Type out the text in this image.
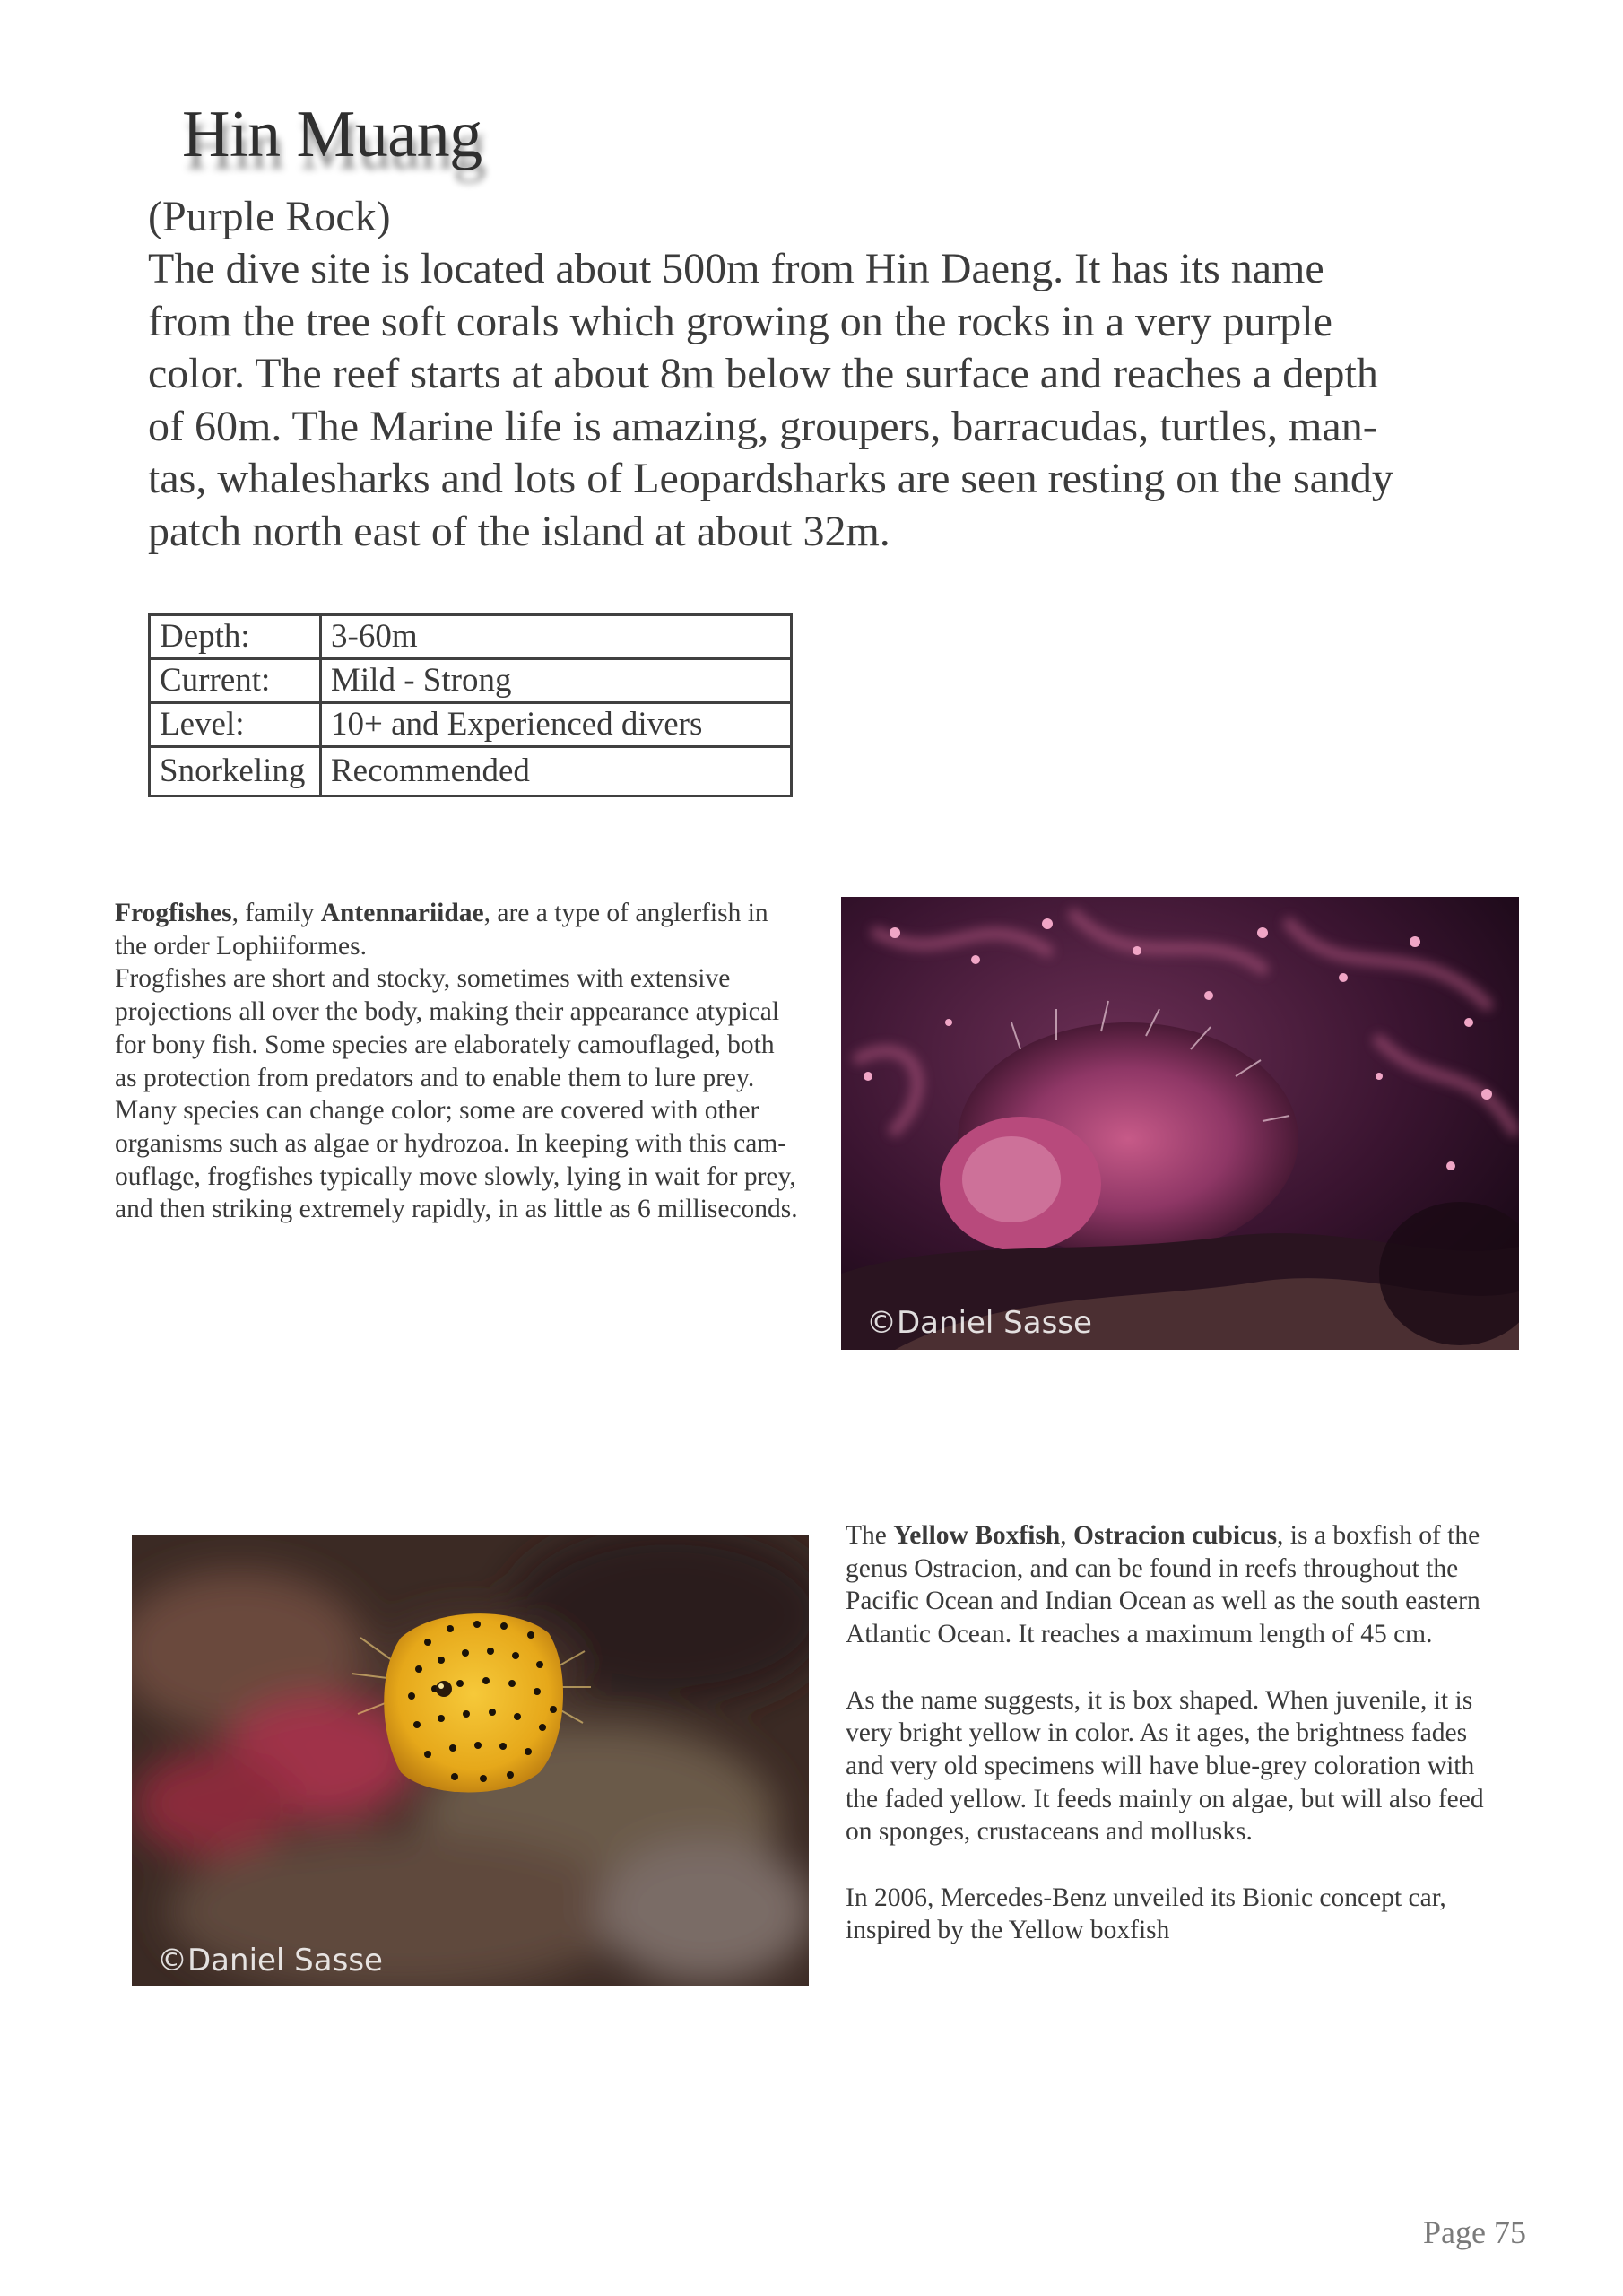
Hin Muang
(Purple Rock)

The dive site is located about 500m from Hin Daeng. It has its name
from the tree soft corals which growing on the rocks in a very purple
color. The reef starts at about 8m below the surface and reaches a depth
of 60m. The Marine life is amazing, groupers, barracudas, turtles, man-
tas, whalesharks and lots of Leopardsharks are seen resting on the sandy
patch north east of the island at about 32m.

Depth:	3-60m
Current:	Mild - Strong
Level:	10+ and Experienced divers
Snorkeling	Recommended

Frogfishes, family Antennariidae, are a type of anglerfish in
the order Lophiiformes.
Frogfishes are short and stocky, sometimes with extensive
projections all over the body, making their appearance atypical
for bony fish. Some species are elaborately camouflaged, both
as protection from predators and to enable them to lure prey.
Many species can change color; some are covered with other
organisms such as algae or hydrozoa. In keeping with this cam-
ouflage, frogfishes typically move slowly, lying in wait for prey,
and then striking extremely rapidly, in as little as 6 milliseconds.

©Daniel Sasse
©Daniel Sasse

The Yellow Boxfish, Ostracion cubicus, is a boxfish of the
genus Ostracion, and can be found in reefs throughout the
Pacific Ocean and Indian Ocean as well as the south eastern
Atlantic Ocean. It reaches a maximum length of 45 cm.

As the name suggests, it is box shaped. When juvenile, it is
very bright yellow in color. As it ages, the brightness fades
and very old specimens will have blue-grey coloration with
the faded yellow. It feeds mainly on algae, but will also feed
on sponges, crustaceans and mollusks.

In 2006, Mercedes-Benz unveiled its Bionic concept car,
inspired by the Yellow boxfish

Page 75
